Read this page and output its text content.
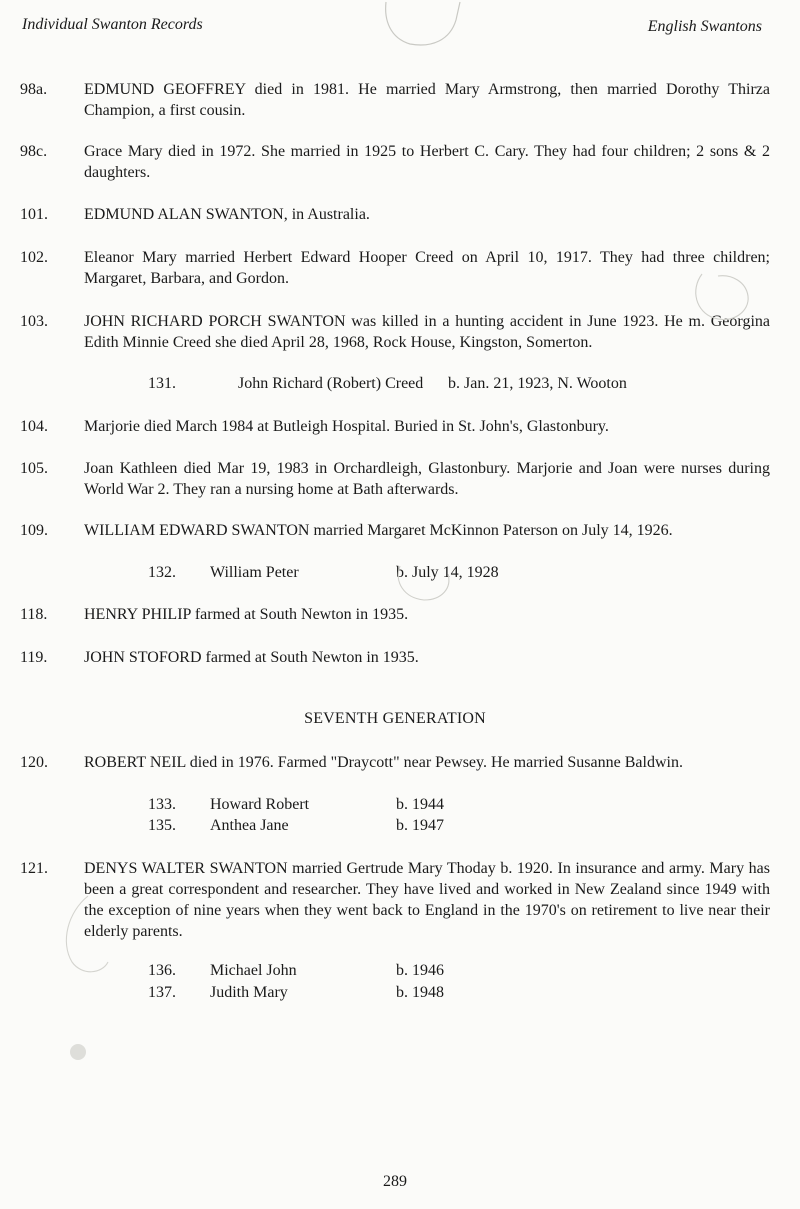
Individual Swanton Records	English Swantons
98a. EDMUND GEOFFREY died in 1981. He married Mary Armstrong, then married Dorothy Thirza Champion, a first cousin.
98c. Grace Mary died in 1972. She married in 1925 to Herbert C. Cary. They had four children; 2 sons & 2 daughters.
101. EDMUND ALAN SWANTON, in Australia.
102. Eleanor Mary married Herbert Edward Hooper Creed on April 10, 1917. They had three children; Margaret, Barbara, and Gordon.
103. JOHN RICHARD PORCH SWANTON was killed in a hunting accident in June 1923. He m. Georgina Edith Minnie Creed she died April 28, 1968, Rock House, Kingston, Somerton.
131.	John Richard (Robert) Creed b. Jan. 21, 1923, N. Wooton
104. Marjorie died March 1984 at Butleigh Hospital. Buried in St. John's, Glastonbury.
105. Joan Kathleen died Mar 19, 1983 in Orchardleigh, Glastonbury. Marjorie and Joan were nurses during World War 2. They ran a nursing home at Bath afterwards.
109. WILLIAM EDWARD SWANTON married Margaret McKinnon Paterson on July 14, 1926.
132. William Peter	b. July 14, 1928
118. HENRY PHILIP farmed at South Newton in 1935.
119. JOHN STOFORD farmed at South Newton in 1935.
SEVENTH GENERATION
120. ROBERT NEIL died in 1976. Farmed "Draycott" near Pewsey. He married Susanne Baldwin.
133. Howard Robert	b. 1944
135. Anthea Jane	b. 1947
121. DENYS WALTER SWANTON married Gertrude Mary Thoday b. 1920. In insurance and army. Mary has been a great correspondent and researcher. They have lived and worked in New Zealand since 1949 with the exception of nine years when they went back to England in the 1970's on retirement to live near their elderly parents.
136. Michael John	b. 1946
137. Judith Mary	b. 1948
289
